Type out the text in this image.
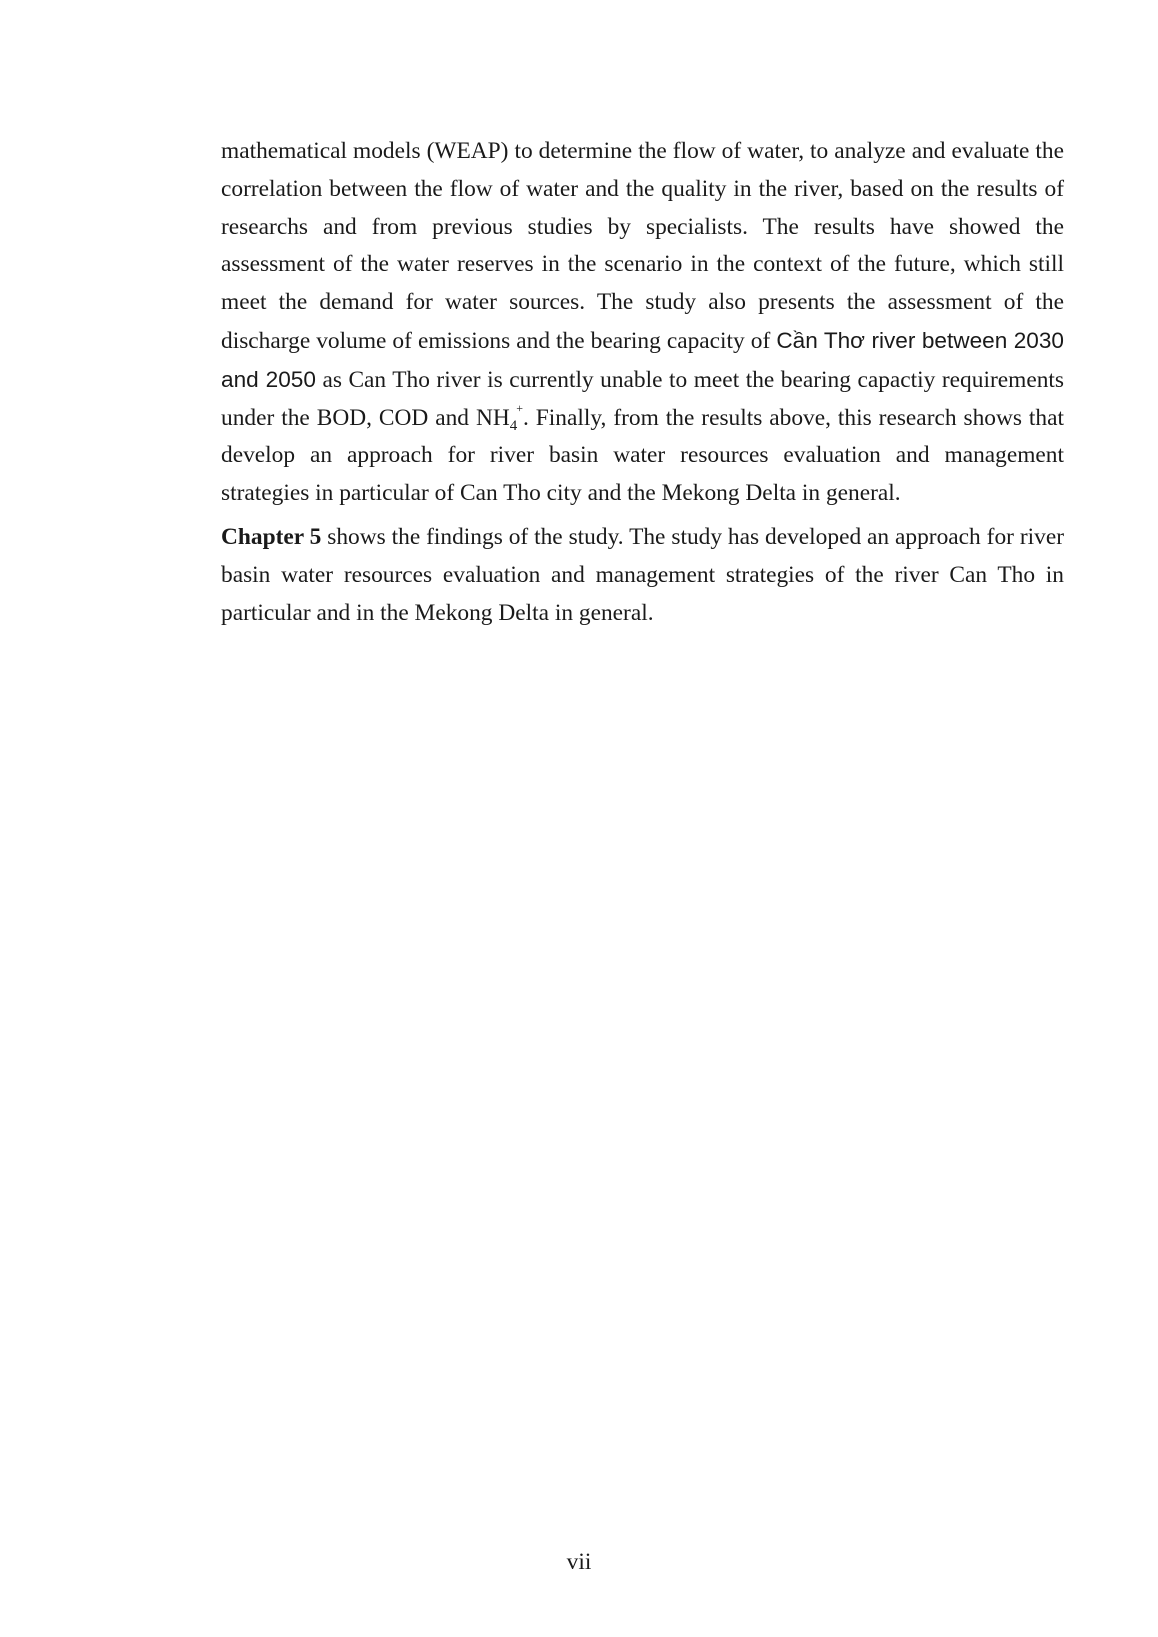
mathematical models (WEAP) to determine the flow of water, to analyze and evaluate the correlation between the flow of water and the quality in the river, based on the results of researchs and from previous studies by specialists. The results have showed the assessment of the water reserves in the scenario in the context of the future, which still meet the demand for water sources. The study also presents the assessment of the discharge volume of emissions and the bearing capacity of Cần Thơ river between 2030 and 2050 as Can Tho river is currently unable to meet the bearing capactiy requirements under the BOD, COD and $NH_4^+$. Finally, from the results above, this research shows that develop an approach for river basin water resources evaluation and management strategies in particular of Can Tho city and the Mekong Delta in general.

Chapter 5 shows the findings of the study. The study has developed an approach for river basin water resources evaluation and management strategies of the river Can Tho in particular and in the Mekong Delta in general.

vii
